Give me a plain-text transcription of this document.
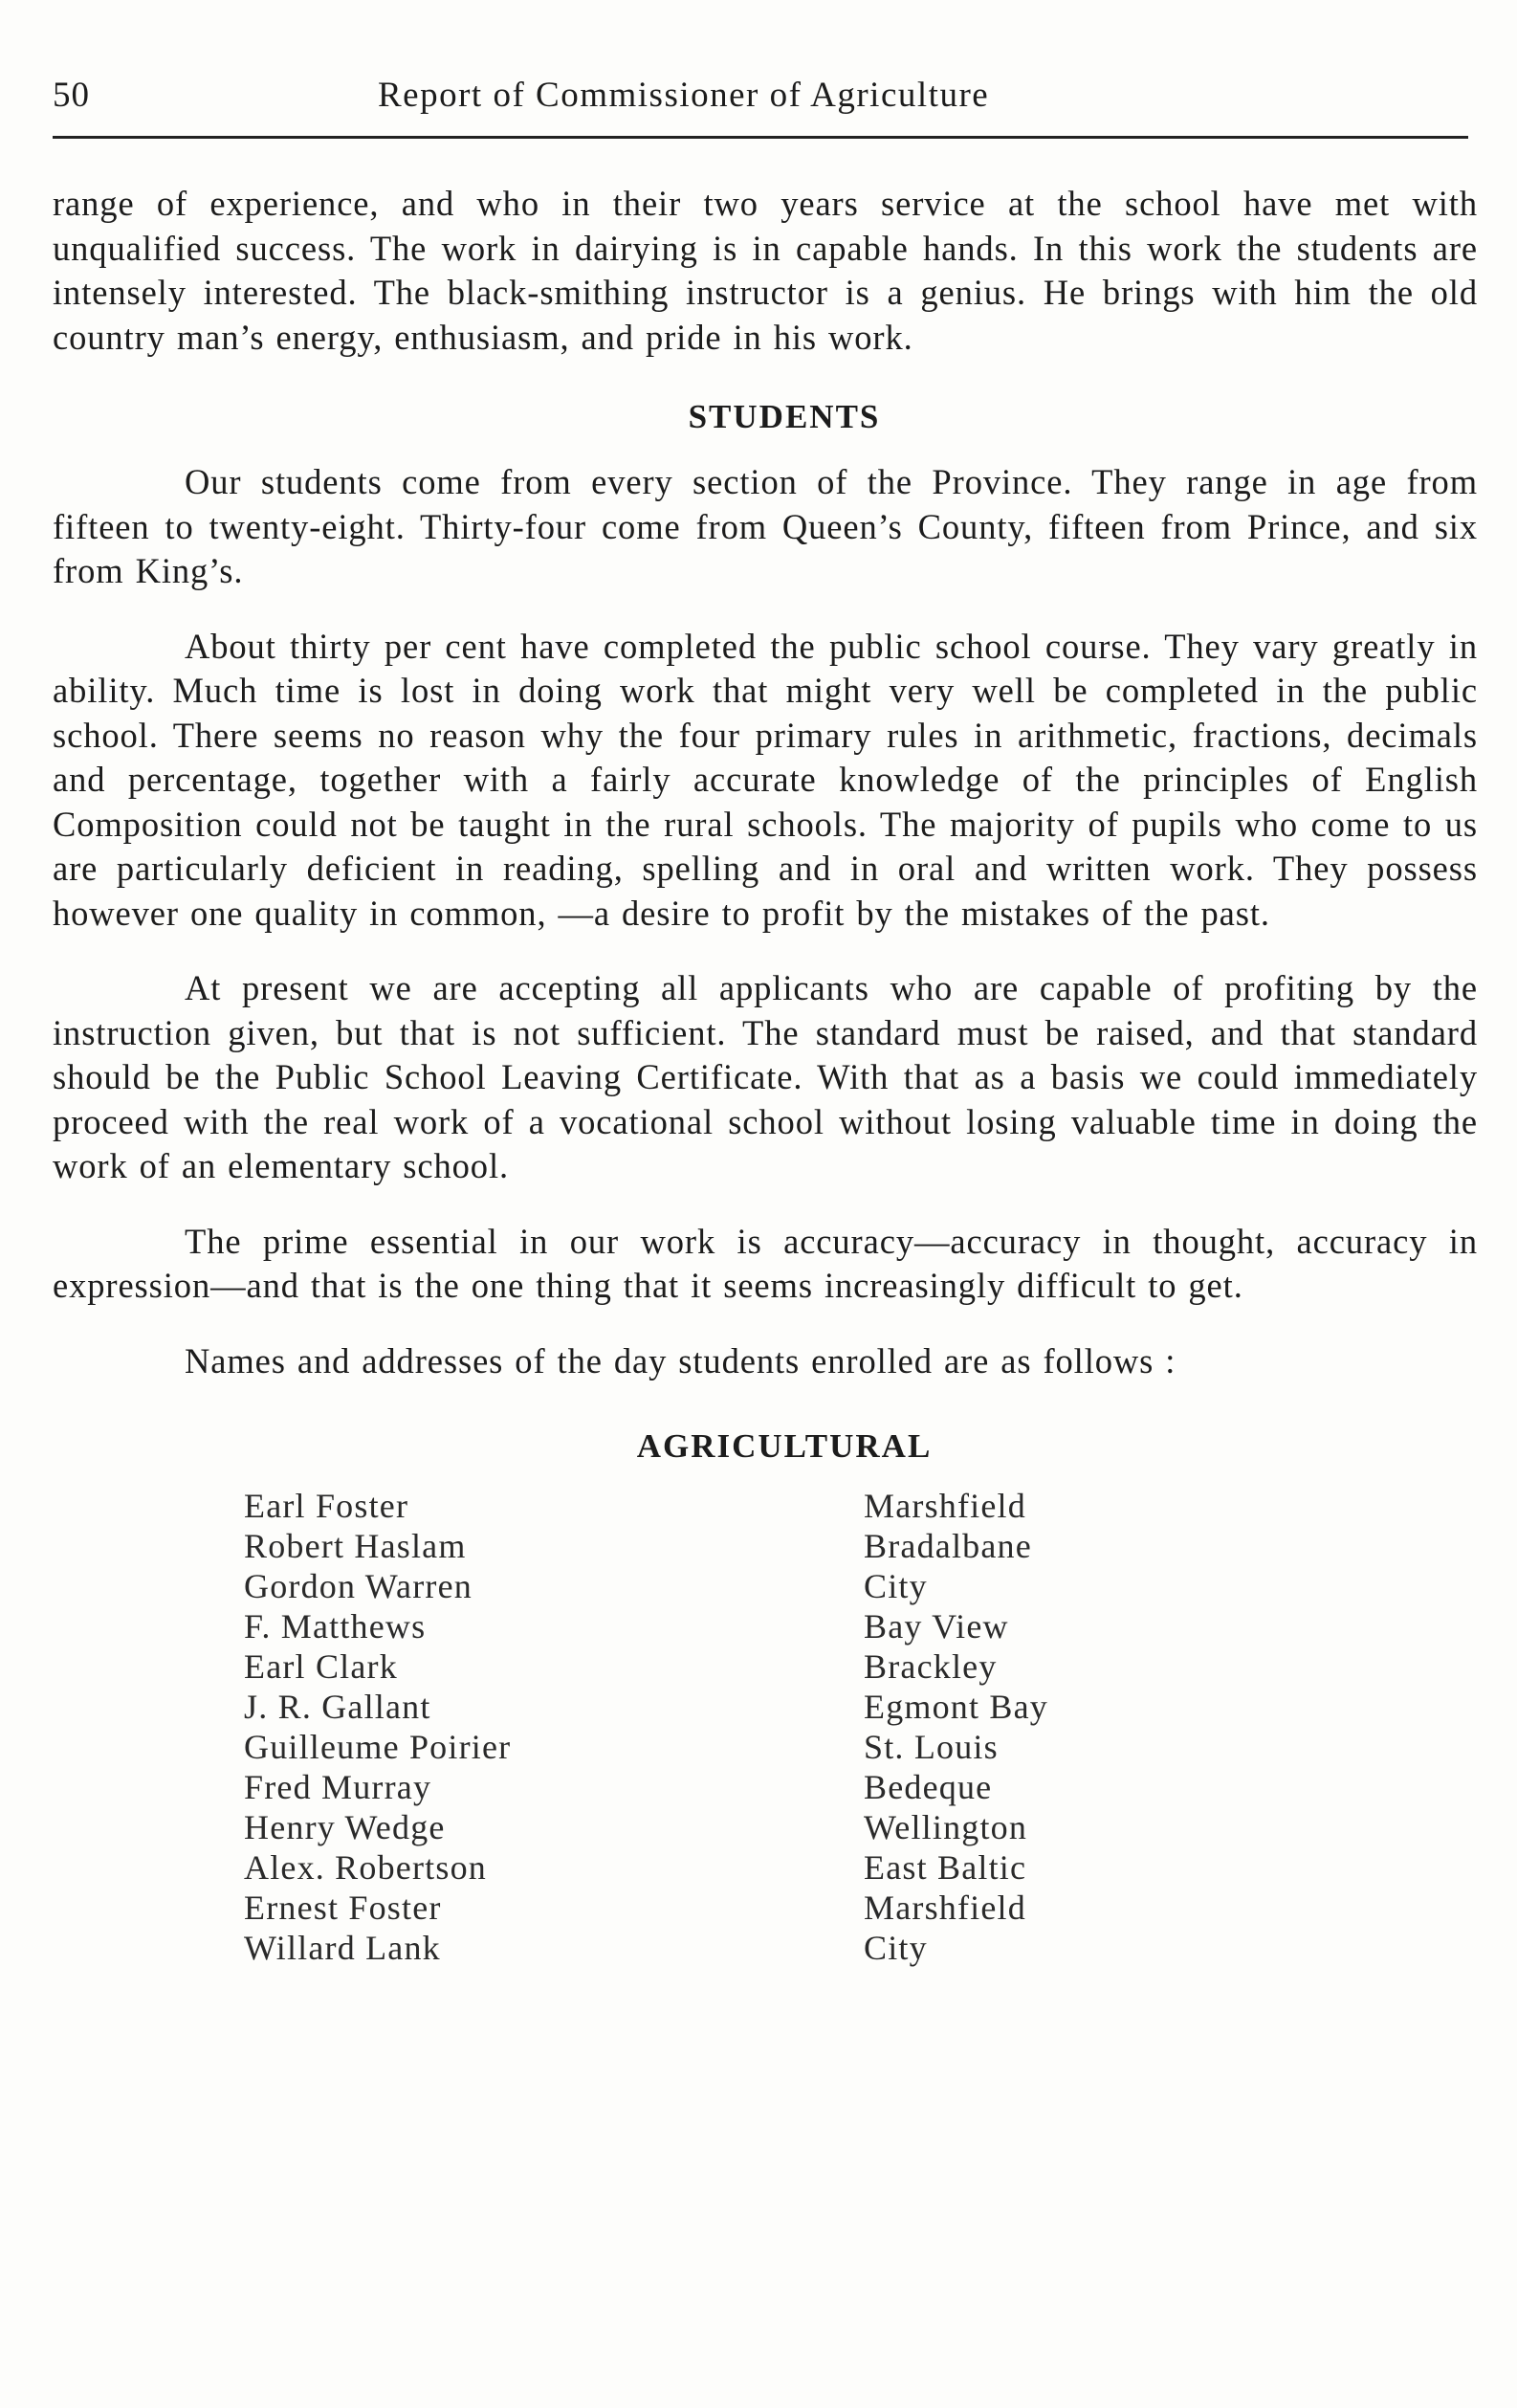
50	Report of Commissioner of Agriculture

range of experience, and who in their two years service at the school have met with unqualified success. The work in dairying is in capable hands. In this work the students are intensely interested. The black-smithing instructor is a genius. He brings with him the old country man’s energy, enthusiasm, and pride in his work.

STUDENTS

Our students come from every section of the Province. They range in age from fifteen to twenty-eight. Thirty-four come from Queen’s County, fifteen from Prince, and six from King’s.

About thirty per cent have completed the public school course. They vary greatly in ability. Much time is lost in doing work that might very well be completed in the public school. There seems no reason why the four primary rules in arithmetic, fractions, decimals and percentage, together with a fairly accurate knowledge of the principles of English Composition could not be taught in the rural schools. The majority of pupils who come to us are particularly deficient in reading, spelling and in oral and written work. They possess however one quality in common, —a desire to profit by the mistakes of the past.

At present we are accepting all applicants who are capable of profiting by the instruction given, but that is not sufficient. The standard must be raised, and that standard should be the Public School Leaving Certificate. With that as a basis we could immediately proceed with the real work of a vocational school without losing valuable time in doing the work of an elementary school.

The prime essential in our work is accuracy—accuracy in thought, accuracy in expression—and that is the one thing that it seems increasingly difficult to get.

Names and addresses of the day students enrolled are as follows :

AGRICULTURAL
Earl Foster	Marshfield
Robert Haslam	Bradalbane
Gordon Warren	City
F. Matthews	Bay View
Earl Clark	Brackley
J. R. Gallant	Egmont Bay
Guilleume Poirier	St. Louis
Fred Murray	Bedeque
Henry Wedge	Wellington
Alex. Robertson	East Baltic
Ernest Foster	Marshfield
Willard Lank	City
